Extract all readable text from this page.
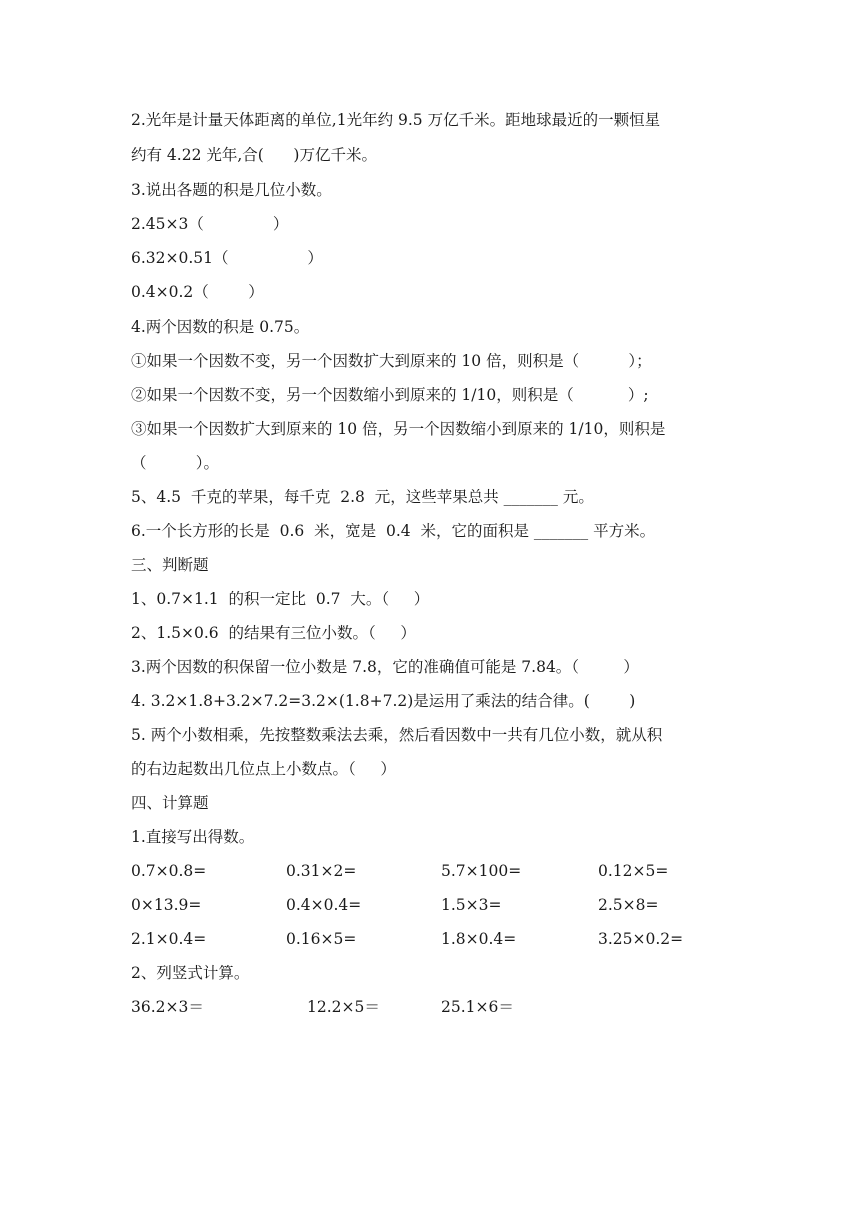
2.光年是计量天体距离的单位,1光年约 9.5 万亿千米。距地球最近的一颗恒星
约有 4.22 光年,合(      )万亿千米。
3.说出各题的积是几位小数。
2.45×3（              ）
6.32×0.51（                ）
0.4×0.2（        ）
4.两个因数的积是 0.75。
①如果一个因数不变，另一个因数扩大到原来的 10 倍，则积是（          ）；
②如果一个因数不变，另一个因数缩小到原来的 1/10，则积是（           ）;
③如果一个因数扩大到原来的 10 倍，另一个因数缩小到原来的 1/10，则积是
（          ）。
5、4.5  千克的苹果，每千克  2.8  元，这些苹果总共 _______ 元。
6.一个长方形的长是  0.6  米，宽是  0.4  米，它的面积是 _______ 平方米。
三、判断题
1、0.7×1.1  的积一定比  0.7  大。（     ）
2、1.5×0.6  的结果有三位小数。（     ）
3.两个因数的积保留一位小数是 7.8，它的准确值可能是 7.84。（         ）
4. 3.2×1.8+3.2×7.2=3.2×(1.8+7.2)是运用了乘法的结合律。(        )
5. 两个小数相乘，先按整数乘法去乘，然后看因数中一共有几位小数，就从积
的右边起数出几位点上小数点。（     ）
四、计算题
1.直接写出得数。

0.7×0.8=

	0.31×2=

	5.7×100=

	0.12×5=

0×13.9=

	0.4×0.4=

	1.5×3=

	2.5×8=

2.1×0.4=

	0.16×5=

	1.8×0.4=

	3.25×0.2=

2、列竖式计算。

36.2×3＝

	12.2×5＝

	25.1×6＝
